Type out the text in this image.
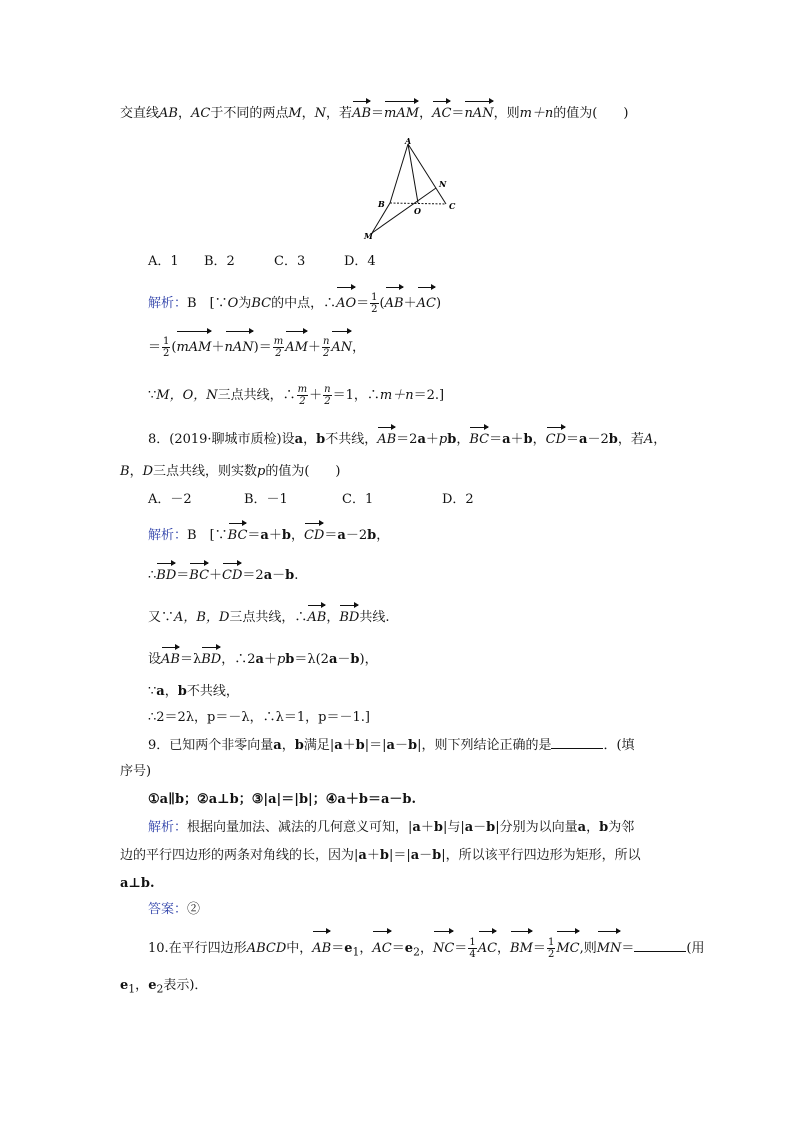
交直线AB，AC于不同的两点M，N，若AB＝mAM，AC＝nAN，则m＋n的值为(　　)
A
B	C
N
O
M
A．1 B．2	C．3	D．4
解析：B　[∵O为BC的中点，∴AO＝ $\frac{1}{2} (AB+AC)$
＝ $\frac{1}{2} (mAM+nAN)= \frac{m}{2} AM+ \frac{n}{2}$ AN，
∵M，O，N三点共线，∴ $\frac{m}{2} + \frac{n}{2} =1$，∴m＋n＝2.]
8．(2019·聊城市质检)设a，b不共线，AB＝2a＋pb，BC＝a＋b，CD＝a－2b，若A，
B，D三点共线，则实数p的值为(　　)
A．－2	B．－1	C．1	D．2
解析：B　[∵BC＝a＋b，CD＝a－2b，
∴BD＝BC＋CD＝2a－b.
又∵A，B，D三点共线，∴AB，BD共线.
设AB＝λBD，∴2a＋pb＝λ(2a－b)，
∵a，b不共线，
∴2＝2λ，p＝－λ，∴λ＝1，p＝－1.]
9．已知两个非零向量a，b满足|a＋b|＝|a－b|，则下列结论正确的是	．(填
序号)
①a∥b；②a⊥b；③|a|＝|b|；④a＋b＝a－b.
解析：根据向量加法、减法的几何意义可知，|a＋b|与|a－b|分别为以向量a，b为邻
边的平行四边形的两条对角线的长，因为|a＋b|＝|a－b|，所以该平行四边形为矩形，所以
a⊥b.
答案：②
10.在平行四边形ABCD中，$AB=e_1$，$AC=e_2$，$NC= \frac{1}{4}$ AC，$BM= \frac{1}{2}$ MC,则MN＝	(用
$e_1$，$e_2$表示)．
